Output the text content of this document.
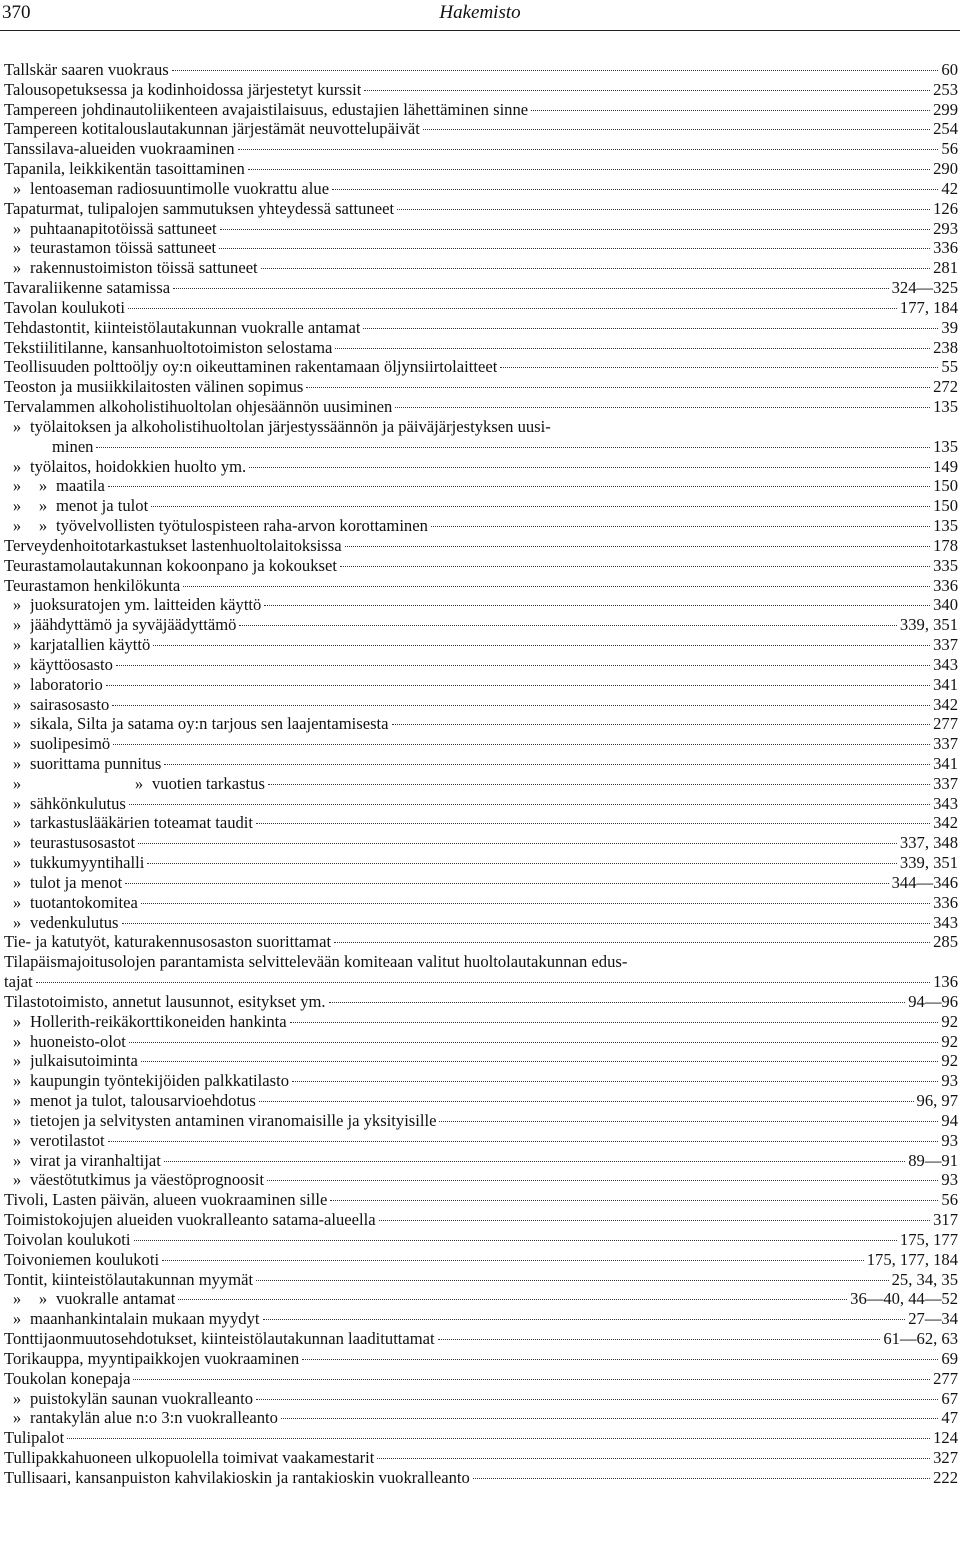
370	Hakemisto
Tallskär saaren vuokraus	60
Talousopetuksessa ja kodinhoidossa järjestetyt kurssit	253
Tampereen johdinautoliikenteen avajaistilaisuus, edustajien lähettäminen sinne	299
Tampereen kotitalouslautakunnan järjestämät neuvottelupäivät	254
Tanssilava-alueiden vuokraaminen	56
Tapanila, leikkikentän tasoittaminen	290
» lentoaseman radiosuuntimolle vuokrattu alue	42
Tapaturmat, tulipalojen sammutuksen yhteydessä sattuneet	126
» puhtaanapitotöissä sattuneet	293
» teurastamon töissä sattuneet	336
» rakennustoimiston töissä sattuneet	281
Tavaraliikenne satamissa	324—325
Tavolan koulukoti	177, 184
Tehdastontit, kiinteistölautakunnan vuokralle antamat	39
Tekstiilitilanne, kansanhuoltotoimiston selostama	238
Teollisuuden polttoöljy oy:n oikeuttaminen rakentamaan öljynsiirtolaitteet	55
Teoston ja musiikkilaitosten välinen sopimus	272
Tervalammen alkoholistihuoltolan ohjesäännön uusiminen	135
» työlaitoksen ja alkoholistihuoltolan järjestyssäännön ja päiväjärjestyksen uusi-
minen	135
» työlaitos, hoidokkien huolto ym.	149
»	» maatila	150
»	» menot ja tulot	150
»	» työvelvollisten työtulospisteen raha-arvon korottaminen	135
Terveydenhoitotarkastukset lastenhuoltolaitoksissa	178
Teurastamolautakunnan kokoonpano ja kokoukset	335
Teurastamon henkilökunta	336
» juoksuratojen ym. laitteiden käyttö	340
» jäähdyttämö ja syväjäädyttämö	339, 351
» karjatallien käyttö	337
» käyttöosasto	343
» laboratorio	341
» sairasosasto	342
» sikala, Silta ja satama oy:n tarjous sen laajentamisesta	277
» suolipesimö	337
» suorittama punnitus	341
»	» vuotien tarkastus	337
» sähkönkulutus	343
» tarkastuslääkärien toteamat taudit	342
» teurastusosastot	337, 348
» tukkumyyntihalli	339, 351
» tulot ja menot	344—346
» tuotantokomitea	336
» vedenkulutus	343
Tie- ja katutyöt, katurakennusosaston suorittamat	285
Tilapäismajoitusolojen parantamista selvittelevään komiteaan valitut huoltolautakunnan edus-
tajat	136
Tilastotoimisto, annetut lausunnot, esitykset ym.	94—96
» Hollerith-reikäkorttikoneiden hankinta	92
» huoneisto-olot	92
» julkaisutoiminta	92
» kaupungin työntekijöiden palkkatilasto	93
» menot ja tulot, talousarvioehdotus	96, 97
» tietojen ja selvitysten antaminen viranomaisille ja yksityisille	94
» verotilastot	93
» virat ja viranhaltijat	89—91
» väestötutkimus ja väestöprognoosit	93
Tivoli, Lasten päivän, alueen vuokraaminen sille	56
Toimistokojujen alueiden vuokralleanto satama-alueella	317
Toivolan koulukoti	175, 177
Toivoniemen koulukoti	175, 177, 184
Tontit, kiinteistölautakunnan myymät	25, 34, 35
»	» vuokralle antamat	36—40, 44—52
» maanhankintalain mukaan myydyt	27—34
Tonttijaonmuutosehdotukset, kiinteistölautakunnan laadituttamat	61—62, 63
Torikauppa, myyntipaikkojen vuokraaminen	69
Toukolan konepaja	277
» puistokylän saunan vuokralleanto	67
» rantakylän alue n:o 3:n vuokralleanto	47
Tulipalot	124
Tullipakkahuoneen ulkopuolella toimivat vaakamestarit	327
Tullisaari, kansanpuiston kahvilakioskin ja rantakioskin vuokralleanto	222
